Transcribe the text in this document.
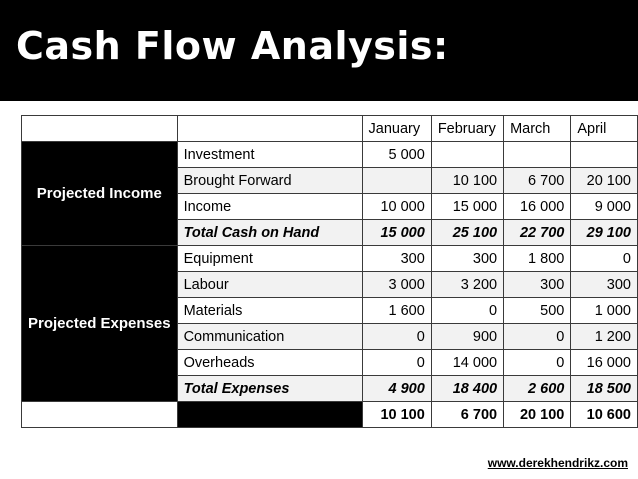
Cash Flow Analysis:
		January	February	March	April
Projected Income	Investment	5 000			
	Brought Forward		10 100	6 700	20 100
	Income	10 000	15 000	16 000	9 000
	Total Cash on Hand	15 000	25 100	22 700	29 100
Projected Expenses	Equipment	300	300	1 800	0
	Labour	3 000	3 200	300	300
	Materials	1 600	0	500	1 000
	Communication	0	900	0	1 200
	Overheads	0	14 000	0	16 000
	Total Expenses	4 900	18 400	2 600	18 500
		10 100	6 700	20 100	10 600
www.derekhendrikz.com
